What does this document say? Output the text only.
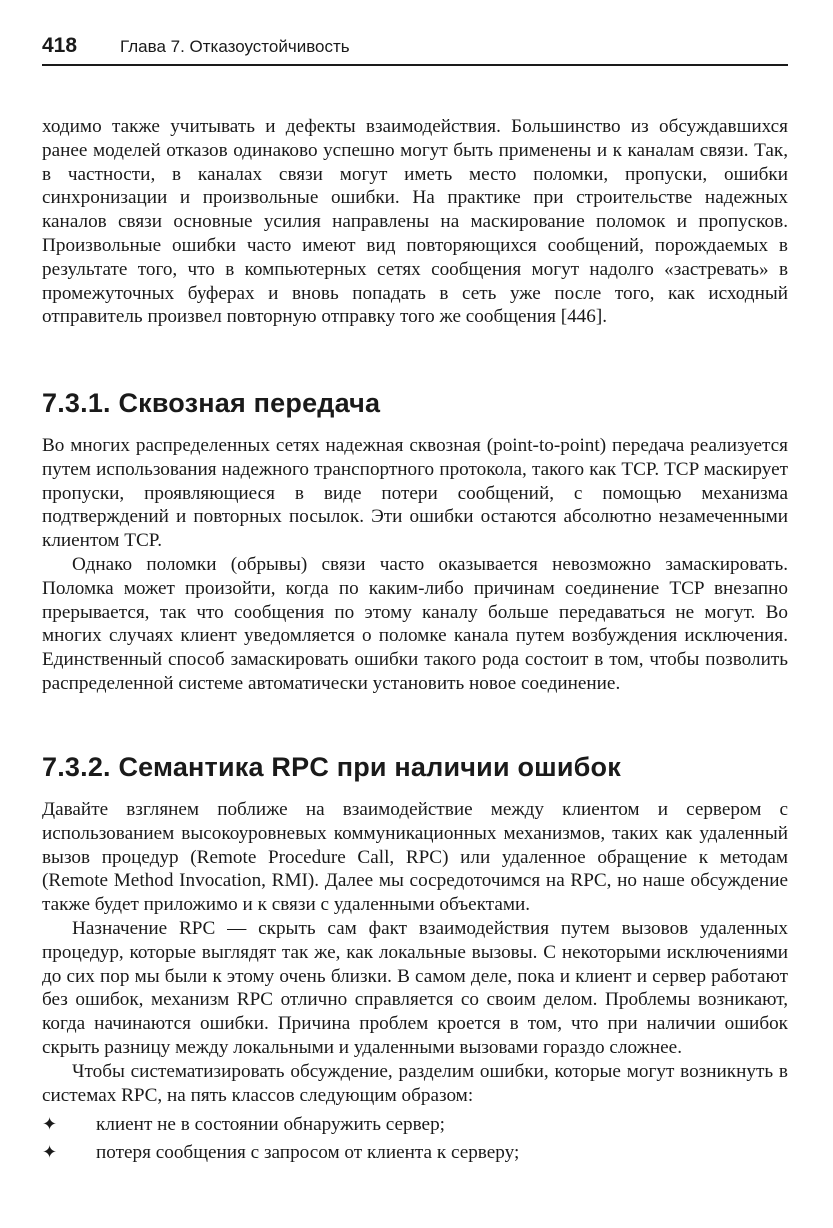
418	Глава 7. Отказоустойчивость

ходимо также учитывать и дефекты взаимодействия. Большинство из обсуждавшихся ранее моделей отказов одинаково успешно могут быть применены и к каналам связи. Так, в частности, в каналах связи могут иметь место поломки, пропуски, ошибки синхронизации и произвольные ошибки. На практике при строительстве надежных каналов связи основные усилия направлены на маскирование поломок и пропусков. Произвольные ошибки часто имеют вид повторяющихся сообщений, порождаемых в результате того, что в компьютерных сетях сообщения могут надолго «застревать» в промежуточных буферах и вновь попадать в сеть уже после того, как исходный отправитель произвел повторную отправку того же сообщения [446].

7.3.1. Сквозная передача

Во многих распределенных сетях надежная сквозная (point-to-point) передача реализуется путем использования надежного транспортного протокола, такого как TCP. TCP маскирует пропуски, проявляющиеся в виде потери сообщений, с помощью механизма подтверждений и повторных посылок. Эти ошибки остаются абсолютно незамеченными клиентом TCP.

Однако поломки (обрывы) связи часто оказывается невозможно замаскировать. Поломка может произойти, когда по каким-либо причинам соединение TCP внезапно прерывается, так что сообщения по этому каналу больше передаваться не могут. Во многих случаях клиент уведомляется о поломке канала путем возбуждения исключения. Единственный способ замаскировать ошибки такого рода состоит в том, чтобы позволить распределенной системе автоматически установить новое соединение.

7.3.2. Семантика RPC при наличии ошибок

Давайте взглянем поближе на взаимодействие между клиентом и сервером с использованием высокоуровневых коммуникационных механизмов, таких как удаленный вызов процедур (Remote Procedure Call, RPC) или удаленное обращение к методам (Remote Method Invocation, RMI). Далее мы сосредоточимся на RPC, но наше обсуждение также будет приложимо и к связи с удаленными объектами.

Назначение RPC — скрыть сам факт взаимодействия путем вызовов удаленных процедур, которые выглядят так же, как локальные вызовы. С некоторыми исключениями до сих пор мы были к этому очень близки. В самом деле, пока и клиент и сервер работают без ошибок, механизм RPC отлично справляется со своим делом. Проблемы возникают, когда начинаются ошибки. Причина проблем кроется в том, что при наличии ошибок скрыть разницу между локальными и удаленными вызовами гораздо сложнее.

Чтобы систематизировать обсуждение, разделим ошибки, которые могут возникнуть в системах RPC, на пять классов следующим образом:

✦ клиент не в состоянии обнаружить сервер;
✦ потеря сообщения с запросом от клиента к серверу;
